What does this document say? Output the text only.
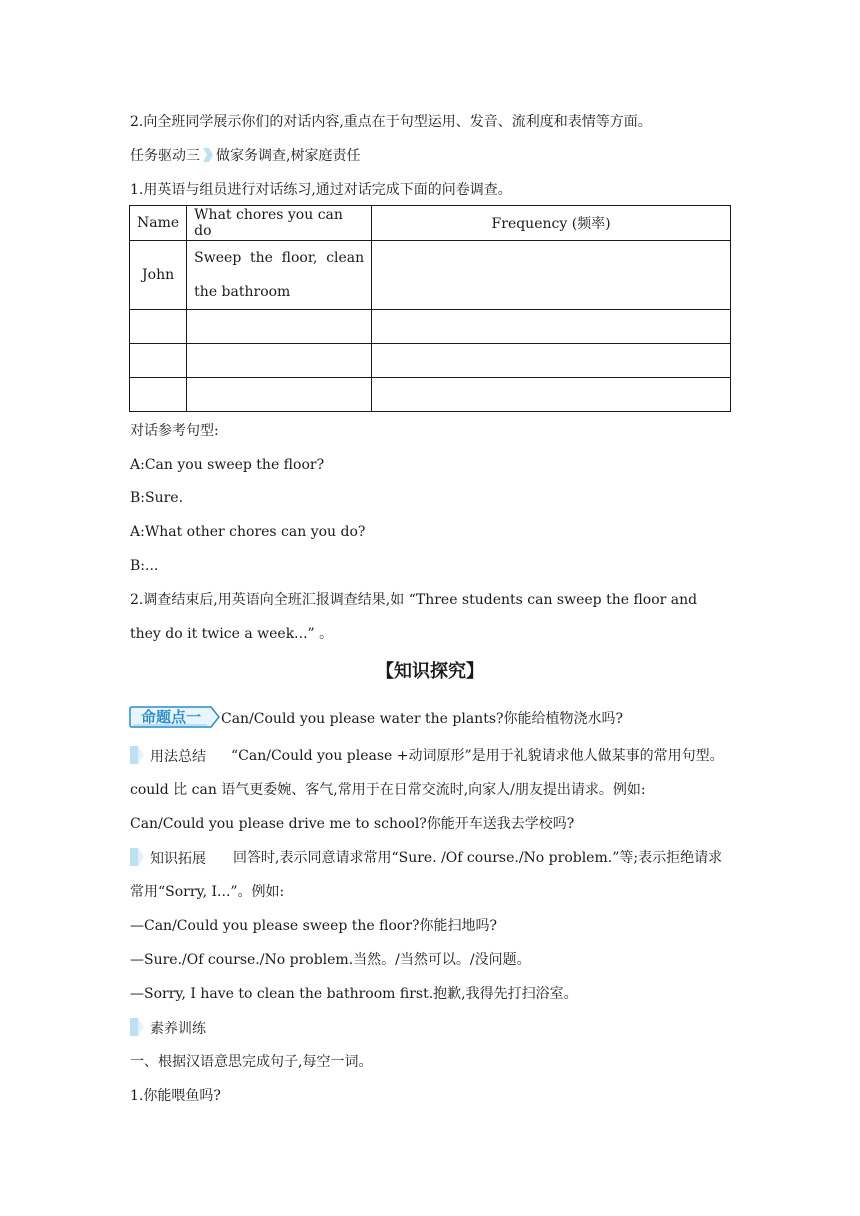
2.向全班同学展示你们的对话内容,重点在于句型运用、发音、流利度和表情等方面。
任务驱动三 做家务调查,树家庭责任
1.用英语与组员进行对话练习,通过对话完成下面的问卷调查。
Name	What chores you can do	Frequency (频率)
John	Sweep the floor, clean the bathroom	

对话参考句型:
A:Can you sweep the floor?
B:Sure.
A:What other chores can you do?
B:...
2.调查结束后,用英语向全班汇报调查结果,如 “Three students can sweep the floor and they do it twice a week...” 。
【知识探究】
命题点一	Can/Could you please water the plants?你能给植物浇水吗?
用法总结	“Can/Could you please +动词原形”是用于礼貌请求他人做某事的常用句型。could 比 can 语气更委婉、客气,常用于在日常交流时,向家人/朋友提出请求。例如:
Can/Could you please drive me to school?你能开车送我去学校吗?
知识拓展	回答时,表示同意请求常用“Sure. /Of course./No problem.”等;表示拒绝请求常用“Sorry, I...”。例如:
—Can/Could you please sweep the floor?你能扫地吗?
—Sure./Of course./No problem.当然。/当然可以。/没问题。
—Sorry, I have to clean the bathroom first.抱歉,我得先打扫浴室。
素养训练
一、根据汉语意思完成句子,每空一词。
1.你能喂鱼吗?
